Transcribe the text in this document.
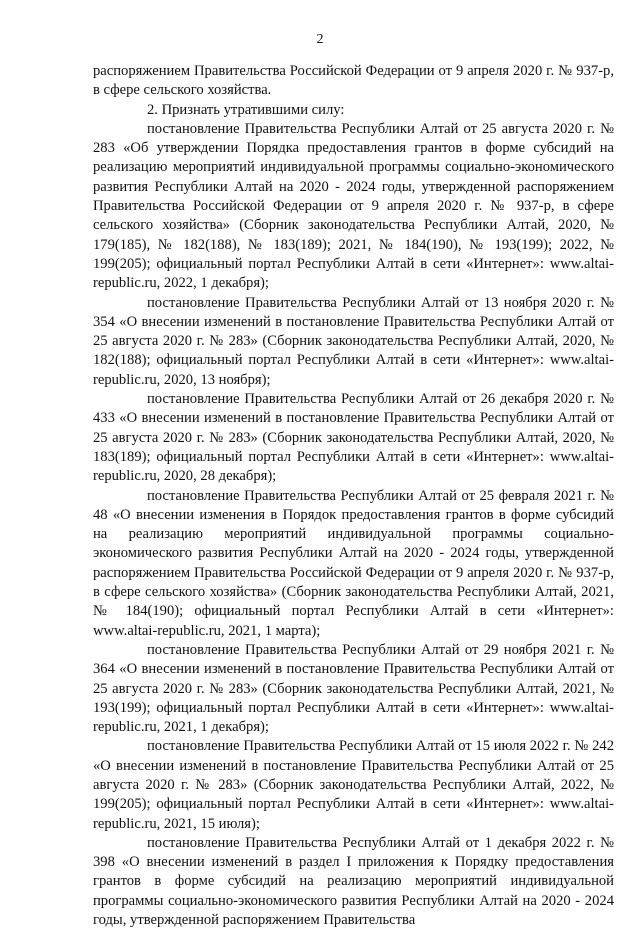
2

распоряжением Правительства Российской Федерации от 9 апреля 2020 г. № 937-р, в сфере сельского хозяйства.

2. Признать утратившими силу:

постановление Правительства Республики Алтай от 25 августа 2020 г. № 283 «Об утверждении Порядка предоставления грантов в форме субсидий на реализацию мероприятий индивидуальной программы социально-экономического развития Республики Алтай на 2020 - 2024 годы, утвержденной распоряжением Правительства Российской Федерации от 9 апреля 2020 г. № 937-р, в сфере сельского хозяйства» (Сборник законодательства Республики Алтай, 2020, № 179(185), № 182(188), № 183(189); 2021, № 184(190), № 193(199); 2022, № 199(205); официальный портал Республики Алтай в сети «Интернет»: www.altai-republic.ru, 2022, 1 декабря);

постановление Правительства Республики Алтай от 13 ноября 2020 г. № 354 «О внесении изменений в постановление Правительства Республики Алтай от 25 августа 2020 г. № 283» (Сборник законодательства Республики Алтай, 2020, № 182(188); официальный портал Республики Алтай в сети «Интернет»: www.altai-republic.ru, 2020, 13 ноября);

постановление Правительства Республики Алтай от 26 декабря 2020 г. № 433 «О внесении изменений в постановление Правительства Республики Алтай от 25 августа 2020 г. № 283» (Сборник законодательства Республики Алтай, 2020, № 183(189); официальный портал Республики Алтай в сети «Интернет»: www.altai-republic.ru, 2020, 28 декабря);

постановление Правительства Республики Алтай от 25 февраля 2021 г. № 48 «О внесении изменения в Порядок предоставления грантов в форме субсидий на реализацию мероприятий индивидуальной программы социально-экономического развития Республики Алтай на 2020 - 2024 годы, утвержденной распоряжением Правительства Российской Федерации от 9 апреля 2020 г. № 937-р, в сфере сельского хозяйства» (Сборник законодательства Республики Алтай, 2021, № 184(190); официальный портал Республики Алтай в сети «Интернет»: www.altai-republic.ru, 2021, 1 марта);

постановление Правительства Республики Алтай от 29 ноября 2021 г. № 364 «О внесении изменений в постановление Правительства Республики Алтай от 25 августа 2020 г. № 283» (Сборник законодательства Республики Алтай, 2021, № 193(199); официальный портал Республики Алтай в сети «Интернет»: www.altai-republic.ru, 2021, 1 декабря);

постановление Правительства Республики Алтай от 15 июля 2022 г. № 242 «О внесении изменений в постановление Правительства Республики Алтай от 25 августа 2020 г. № 283» (Сборник законодательства Республики Алтай, 2022, № 199(205); официальный портал Республики Алтай в сети «Интернет»: www.altai-republic.ru, 2021, 15 июля);

постановление Правительства Республики Алтай от 1 декабря 2022 г. № 398 «О внесении изменений в раздел I приложения к Порядку предоставления грантов в форме субсидий на реализацию мероприятий индивидуальной программы социально-экономического развития Республики Алтай на 2020 - 2024 годы, утвержденной распоряжением Правительства
